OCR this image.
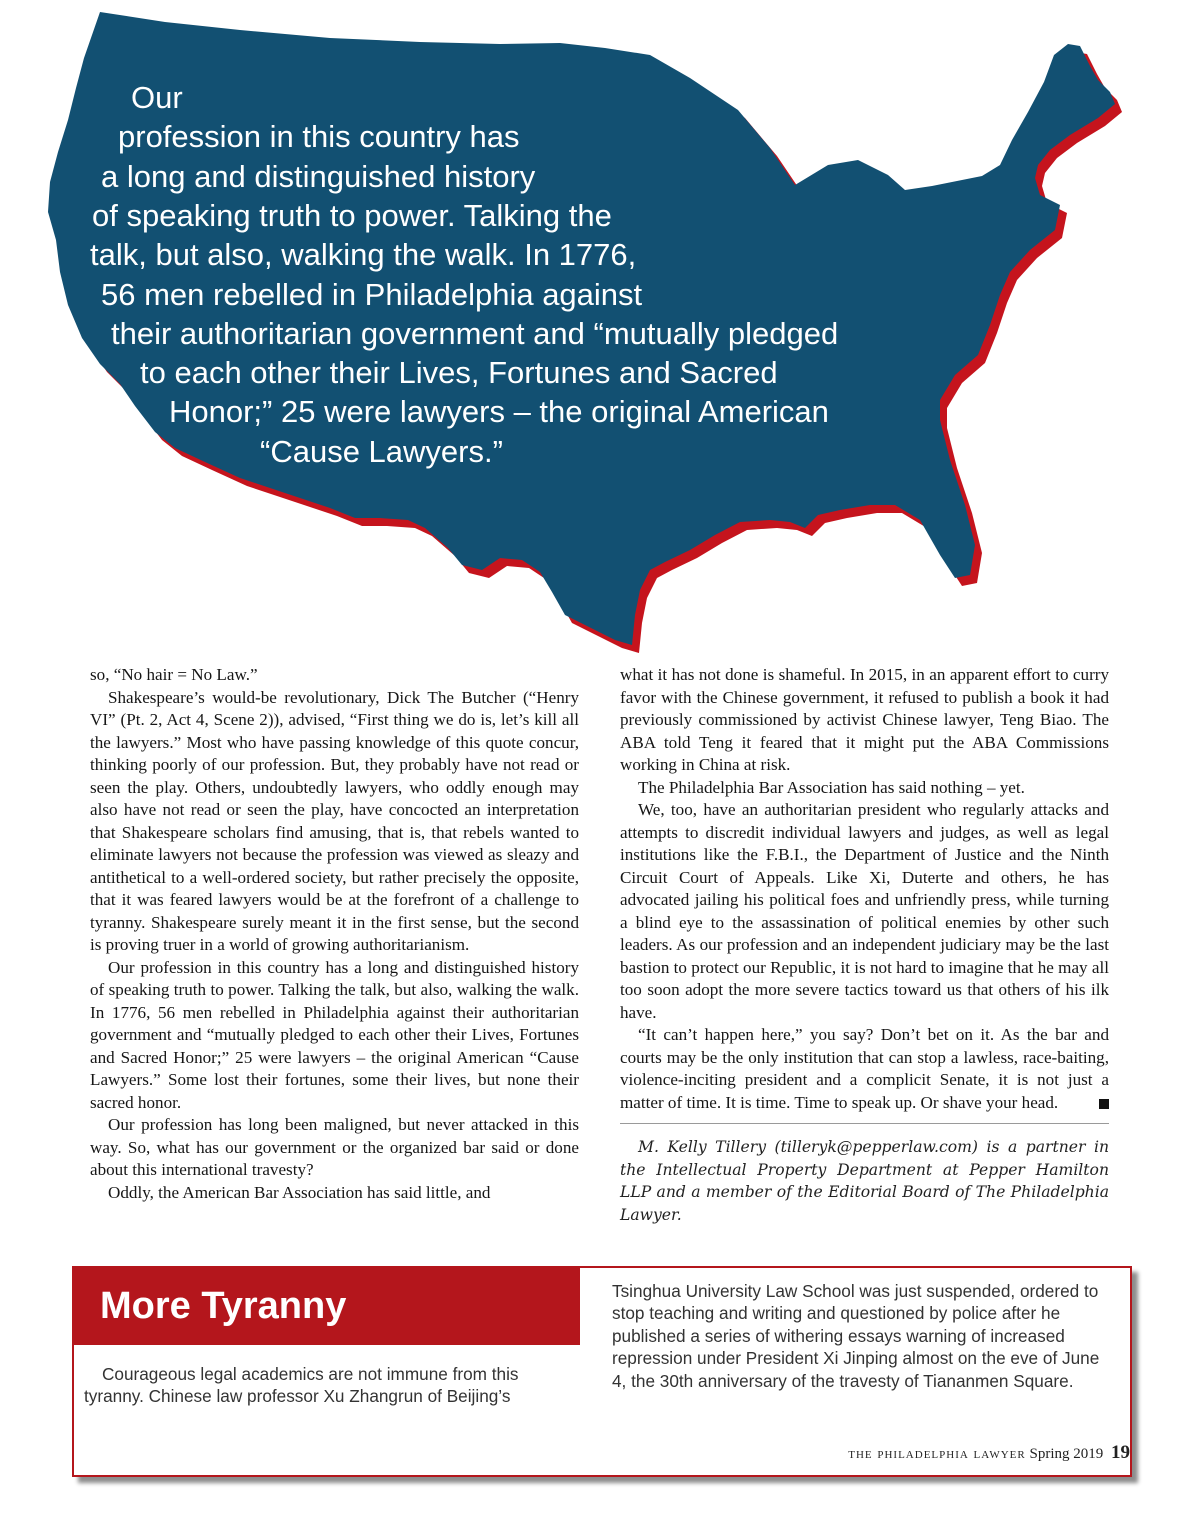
Our
profession in this country has
a long and distinguished history
of speaking truth to power. Talking the
talk, but also, walking the walk. In 1776,
56 men rebelled in Philadelphia against
their authoritarian government and “mutually pledged
to each other their Lives, Fortunes and Sacred
Honor;” 25 were lawyers – the original American
“Cause Lawyers.”

so, “No hair = No Law.”

Shakespeare’s would-be revolutionary, Dick The Butcher (“Henry VI” (Pt. 2, Act 4, Scene 2)), advised, “First thing we do is, let’s kill all the lawyers.” Most who have passing knowledge of this quote concur, thinking poorly of our profession. But, they probably have not read or seen the play. Others, undoubtedly lawyers, who oddly enough may also have not read or seen the play, have concocted an interpretation that Shakespeare scholars find amusing, that is, that rebels wanted to eliminate lawyers not because the profession was viewed as sleazy and antithetical to a well-ordered society, but rather precisely the opposite, that it was feared lawyers would be at the forefront of a challenge to tyranny. Shakespeare surely meant it in the first sense, but the second is proving truer in a world of growing authoritarianism.

Our profession in this country has a long and distinguished history of speaking truth to power. Talking the talk, but also, walking the walk. In 1776, 56 men rebelled in Philadelphia against their authoritarian government and “mutually pledged to each other their Lives, Fortunes and Sacred Honor;” 25 were lawyers – the original American “Cause Lawyers.” Some lost their fortunes, some their lives, but none their sacred honor.

Our profession has long been maligned, but never attacked in this way. So, what has our government or the organized bar said or done about this international travesty?

Oddly, the American Bar Association has said little, and

what it has not done is shameful. In 2015, in an apparent effort to curry favor with the Chinese government, it refused to publish a book it had previously commissioned by activist Chinese lawyer, Teng Biao. The ABA told Teng it feared that it might put the ABA Commissions working in China at risk.

The Philadelphia Bar Association has said nothing – yet.

We, too, have an authoritarian president who regularly attacks and attempts to discredit individual lawyers and judges, as well as legal institutions like the F.B.I., the Department of Justice and the Ninth Circuit Court of Appeals. Like Xi, Duterte and others, he has advocated jailing his political foes and unfriendly press, while turning a blind eye to the assassination of political enemies by other such leaders. As our profession and an independent judiciary may be the last bastion to protect our Republic, it is not hard to imagine that he may all too soon adopt the more severe tactics toward us that others of his ilk have.

“It can’t happen here,” you say? Don’t bet on it. As the bar and courts may be the only institution that can stop a lawless, race-baiting, violence-inciting president and a complicit Senate, it is not just a matter of time. It is time. Time to speak up. Or shave your head.

M. Kelly Tillery (tilleryk@pepperlaw.com) is a partner in the Intellectual Property Department at Pepper Hamilton LLP and a member of the Editorial Board of The Philadelphia Lawyer.

More Tyranny

Courageous legal academics are not immune from this tyranny. Chinese law professor Xu Zhangrun of Beijing’s

Tsinghua University Law School was just suspended, ordered to stop teaching and writing and questioned by police after he published a series of withering essays warning of increased repression under President Xi Jinping almost on the eve of June 4, the 30th anniversary of the travesty of Tiananmen Square.

the philadelphia lawyer Spring 2019 19
